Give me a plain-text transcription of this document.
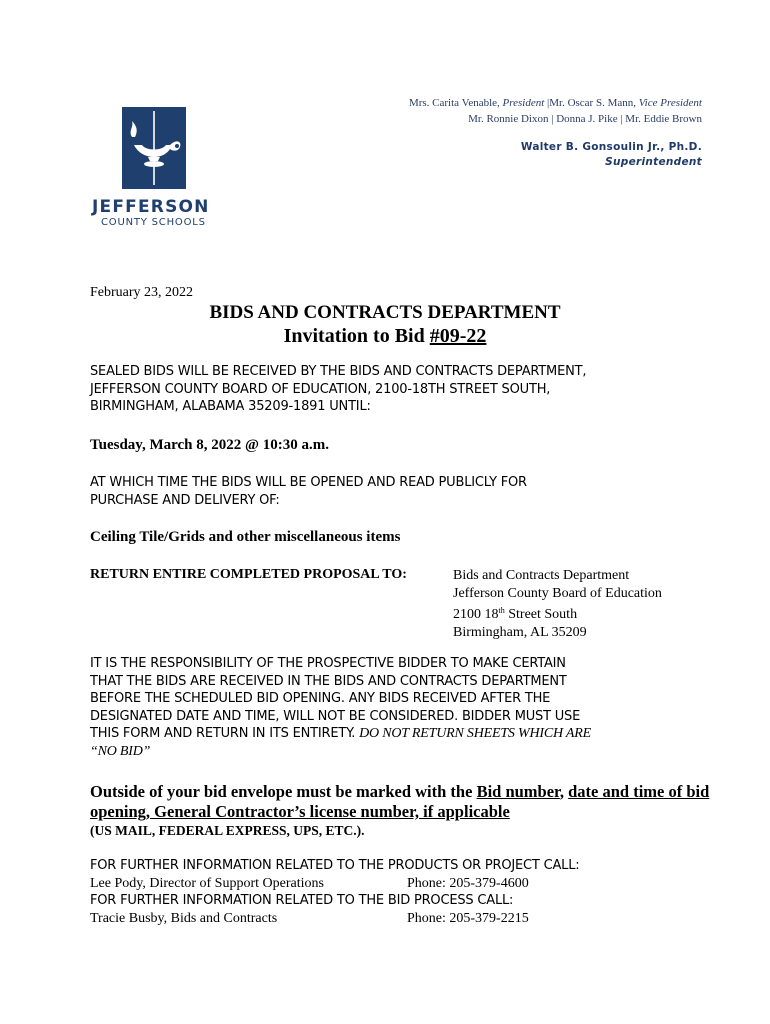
Mrs. Carita Venable, President |Mr. Oscar S. Mann, Vice President
Mr. Ronnie Dixon | Donna J. Pike | Mr. Eddie Brown
Walter B. Gonsoulin Jr., Ph.D.
Superintendent
JEFFERSON
COUNTY SCHOOLS
February 23, 2022
BIDS AND CONTRACTS DEPARTMENT
Invitation to Bid #09-22
SEALED BIDS WILL BE RECEIVED BY THE BIDS AND CONTRACTS DEPARTMENT,
JEFFERSON COUNTY BOARD OF EDUCATION, 2100-18TH STREET SOUTH,
BIRMINGHAM, ALABAMA 35209-1891 UNTIL:
Tuesday, March 8, 2022 @ 10:30 a.m.
AT WHICH TIME THE BIDS WILL BE OPENED AND READ PUBLICLY FOR
PURCHASE AND DELIVERY OF:
Ceiling Tile/Grids and other miscellaneous items
RETURN ENTIRE COMPLETED PROPOSAL TO:	Bids and Contracts Department
Jefferson County Board of Education
2100 18th Street South
Birmingham, AL 35209
IT IS THE RESPONSIBILITY OF THE PROSPECTIVE BIDDER TO MAKE CERTAIN
THAT THE BIDS ARE RECEIVED IN THE BIDS AND CONTRACTS DEPARTMENT
BEFORE THE SCHEDULED BID OPENING. ANY BIDS RECEIVED AFTER THE
DESIGNATED DATE AND TIME, WILL NOT BE CONSIDERED. BIDDER MUST USE
THIS FORM AND RETURN IN ITS ENTIRETY. DO NOT RETURN SHEETS WHICH ARE
“NO BID”
Outside of your bid envelope must be marked with the Bid number, date and time of bid opening, General Contractor’s license number, if applicable
(US MAIL, FEDERAL EXPRESS, UPS, ETC.).
FOR FURTHER INFORMATION RELATED TO THE PRODUCTS OR PROJECT CALL:
Lee Pody, Director of Support Operations	Phone: 205-379-4600
FOR FURTHER INFORMATION RELATED TO THE BID PROCESS CALL:
Tracie Busby, Bids and Contracts	Phone: 205-379-2215
